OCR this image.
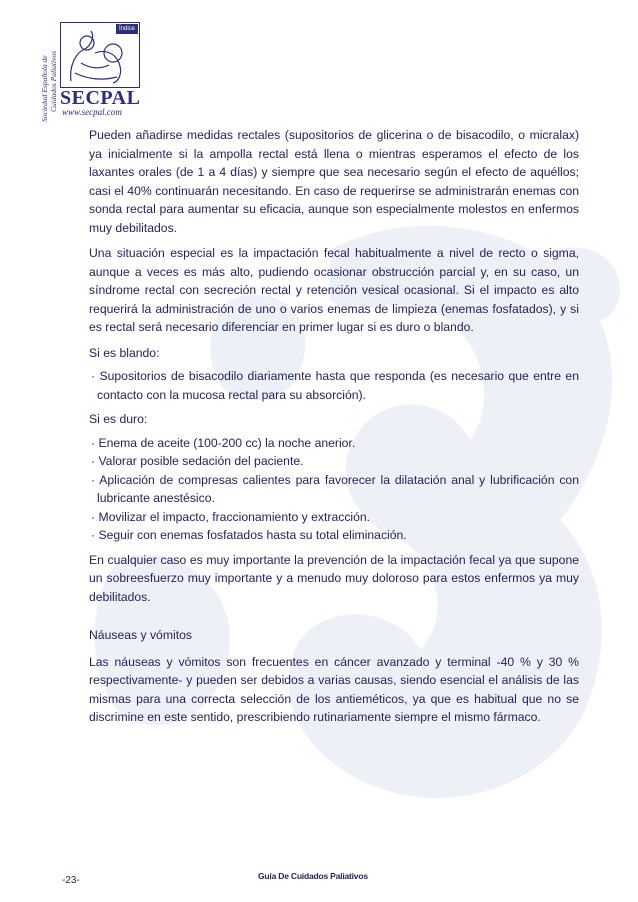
Sociedad Española de Cuidados Paliativos
Índice
SECPAL
www.secpal.com

Pueden añadirse medidas rectales (supositorios de glicerina o de bisacodilo, o micralax) ya inicialmente si la ampolla rectal está llena o mientras esperamos el efecto de los laxantes orales (de 1 a 4 días) y siempre que sea necesario según el efecto de aquéllos; casi el 40% continuarán necesitando. En caso de requerirse se administrarán enemas con sonda rectal para aumentar su eficacia, aunque son especialmente molestos en enfermos muy debilitados.

Una situación especial es la impactación fecal habitualmente a nivel de recto o sigma, aunque a veces es más alto, pudiendo ocasionar obstrucción parcial y, en su caso, un síndrome rectal con secreción rectal y retención vesical ocasional. Si el impacto es alto requerirá la administración de uno o varios enemas de limpieza (enemas fosfatados), y si es rectal será necesario diferenciar en primer lugar si es duro o blando.

Si es blando:

· Supositorios de bisacodilo diariamente hasta que responda (es necesario que entre en contacto con la mucosa rectal para su absorción).

Si es duro:

· Enema de aceite (100-200 cc) la noche anerior.
· Valorar posible sedación del paciente.
· Aplicación de compresas calientes para favorecer la dilatación anal y lubrificación con lubricante anestésico.
· Movilizar el impacto, fraccionamiento y extracción.
· Seguir con enemas fosfatados hasta su total eliminación.

En cualquier caso es muy importante la prevención de la impactación fecal ya que supone un sobreesfuerzo muy importante y a menudo muy doloroso para estos enfermos ya muy debilitados.

Náuseas y vómitos

Las náuseas y vómitos son frecuentes en cáncer avanzado y terminal -40 % y 30 % respectivamente- y pueden ser debidos a varias causas, siendo esencial el análisis de las mismas para una correcta selección de los antieméticos, ya que es habitual que no se discrimine en este sentido, prescribiendo rutinariamente siempre el mismo fármaco.

-23-	Guía De Cuidados Paliativos
